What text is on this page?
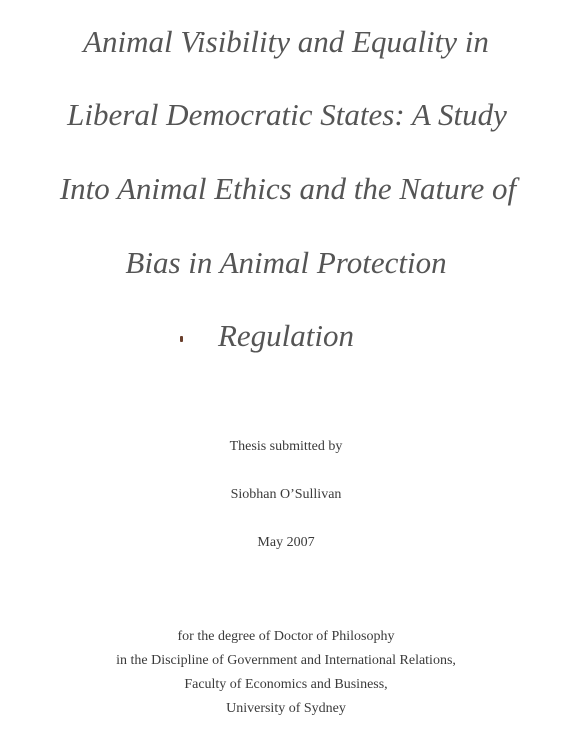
Animal Visibility and Equality in
Liberal Democratic States: A Study
Into Animal Ethics and the Nature of
Bias in Animal Protection
Regulation
Thesis submitted by
Siobhan O’Sullivan
May 2007
for the degree of Doctor of Philosophy
in the Discipline of Government and International Relations,
Faculty of Economics and Business,
University of Sydney
